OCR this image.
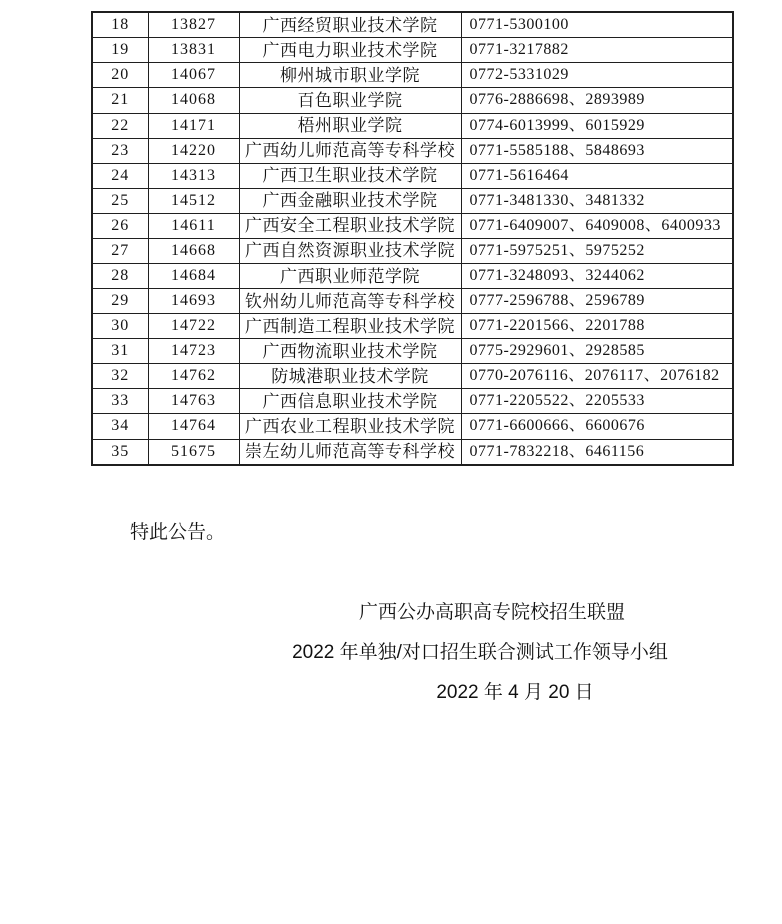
18	13827	广西经贸职业技术学院	0771-5300100
19	13831	广西电力职业技术学院	0771-3217882
20	14067	柳州城市职业学院	0772-5331029
21	14068	百色职业学院	0776-2886698、2893989
22	14171	梧州职业学院	0774-6013999、6015929
23	14220	广西幼儿师范高等专科学校	0771-5585188、5848693
24	14313	广西卫生职业技术学院	0771-5616464
25	14512	广西金融职业技术学院	0771-3481330、3481332
26	14611	广西安全工程职业技术学院	0771-6409007、6409008、6400933
27	14668	广西自然资源职业技术学院	0771-5975251、5975252
28	14684	广西职业师范学院	0771-3248093、3244062
29	14693	钦州幼儿师范高等专科学校	0777-2596788、2596789
30	14722	广西制造工程职业技术学院	0771-2201566、2201788
31	14723	广西物流职业技术学院	0775-2929601、2928585
32	14762	防城港职业技术学院	0770-2076116、2076117、2076182
33	14763	广西信息职业技术学院	0771-2205522、2205533
34	14764	广西农业工程职业技术学院	0771-6600666、6600676
35	51675	崇左幼儿师范高等专科学校	0771-7832218、6461156
特此公告。
广西公办高职高专院校招生联盟
2022 年单独/对口招生联合测试工作领导小组
2022 年 4 月 20 日
